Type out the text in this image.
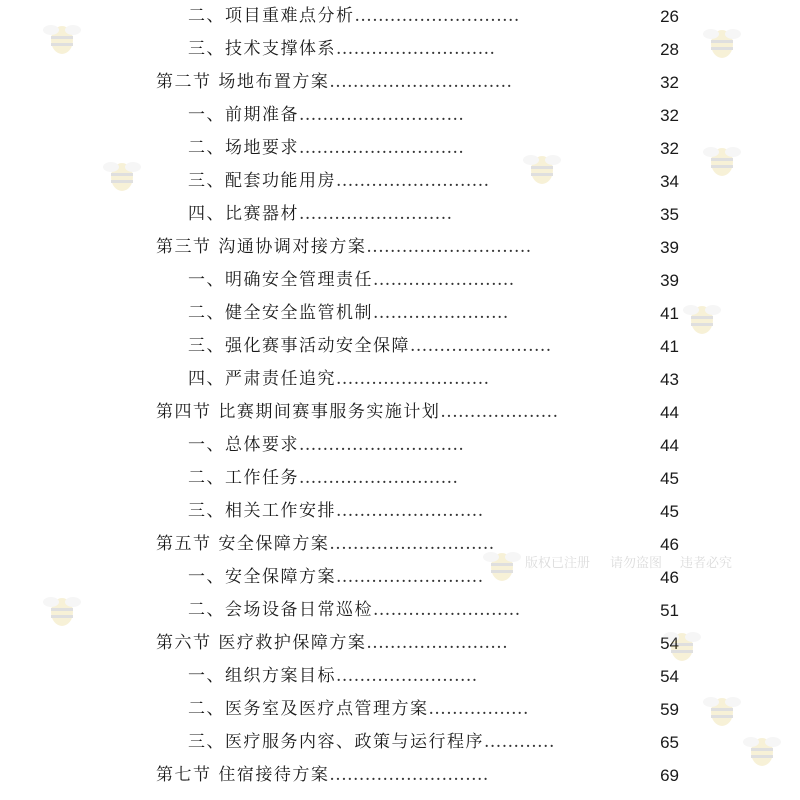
二、项目重难点分析............................	26
三、技术支撑体系...........................	28
第二节 场地布置方案...............................	32
一、前期准备............................	32
二、场地要求............................	32
三、配套功能用房..........................	34
四、比赛器材..........................	35
第三节 沟通协调对接方案............................	39
一、明确安全管理责任........................	39
二、健全安全监管机制.......................	41
三、强化赛事活动安全保障........................	41
四、严肃责任追究..........................	43
第四节 比赛期间赛事服务实施计划....................	44
一、总体要求............................	44
二、工作任务...........................	45
三、相关工作安排.........................	45
第五节 安全保障方案............................	46
一、安全保障方案.........................	46
二、会场设备日常巡检.........................	51
第六节 医疗救护保障方案........................	54
一、组织方案目标........................	54
二、医务室及医疗点管理方案.................	59
三、医疗服务内容、政策与运行程序............	65
第七节 住宿接待方案...........................	69
版权已注册 请勿盗图 违者必究
